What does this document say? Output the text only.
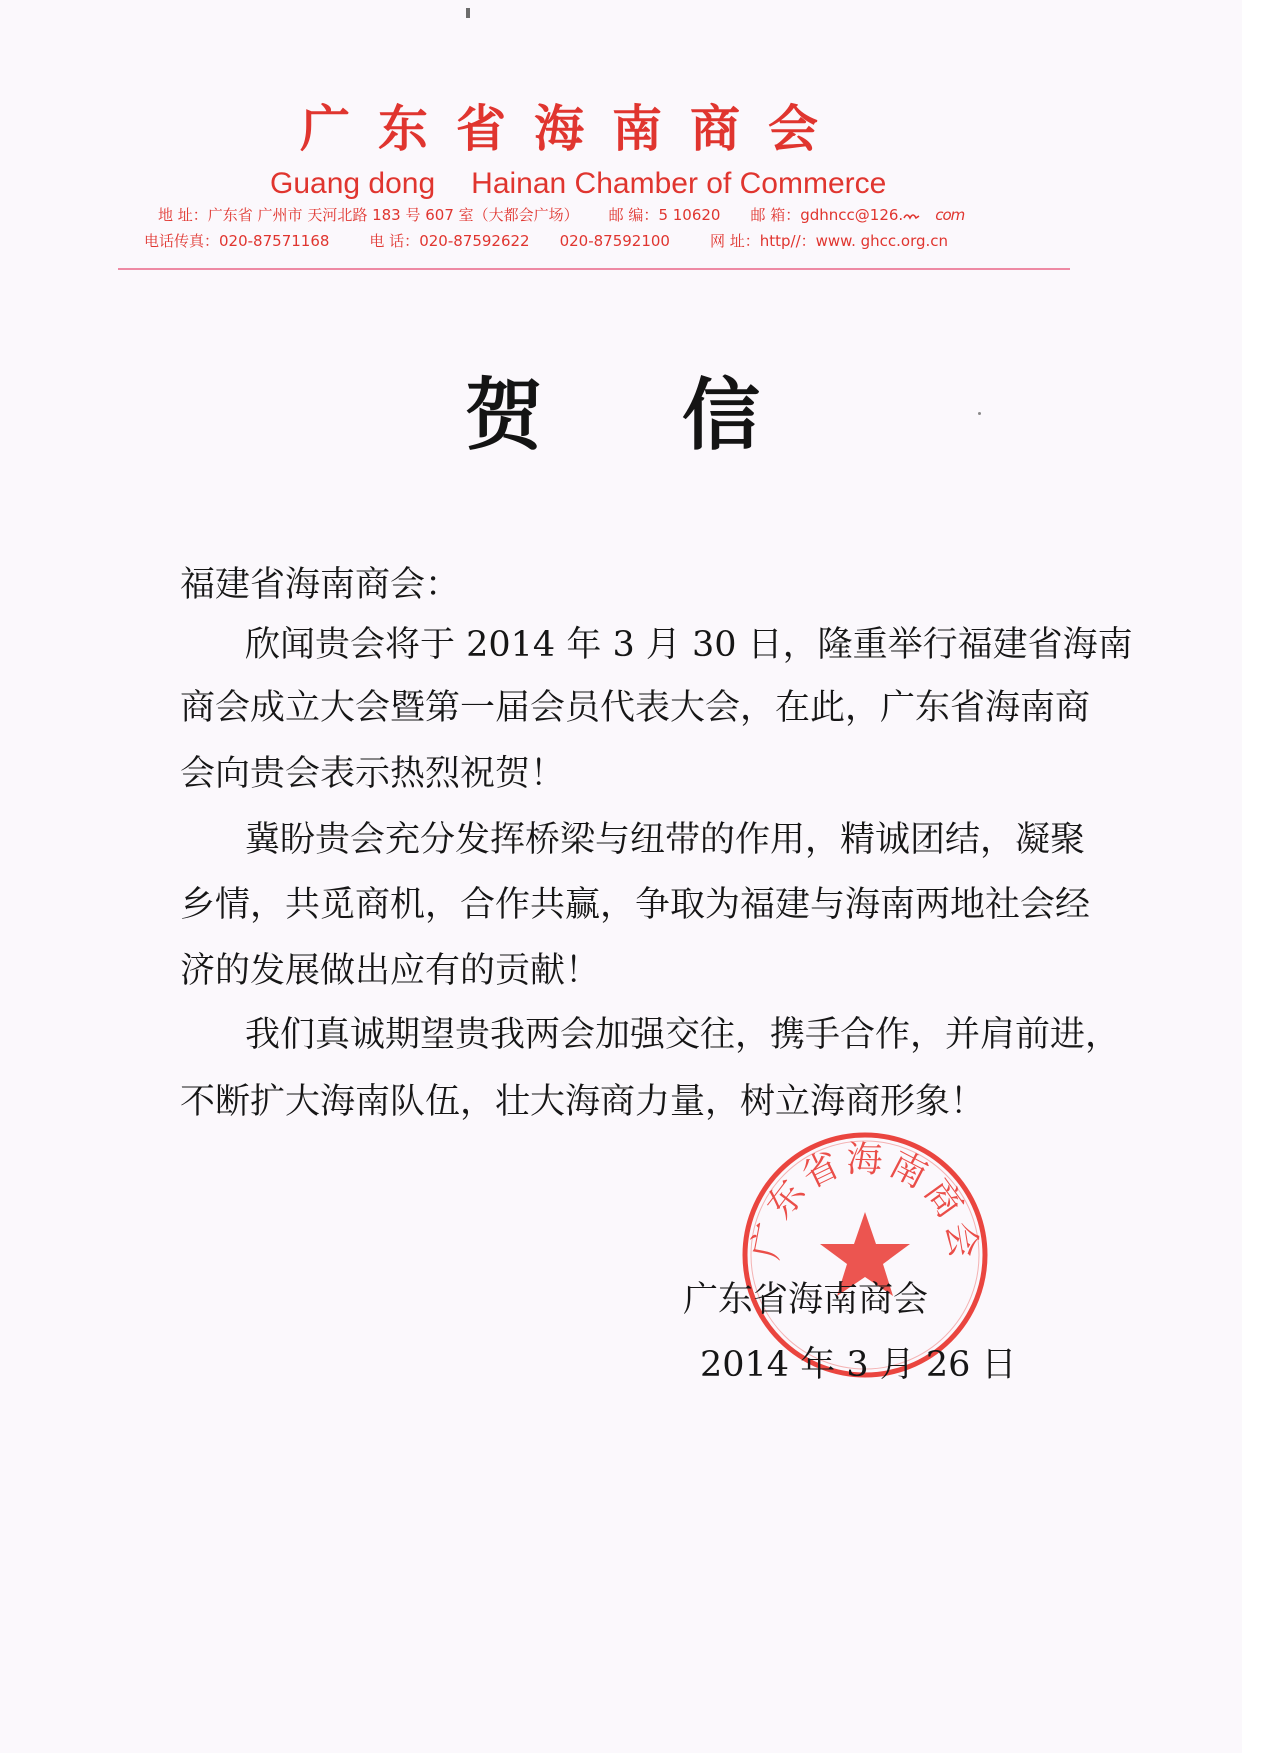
广东省海南商会
Guang dong Hainan Chamber of Commerce
地 址：广东省 广州市 天河北路 183 号 607 室（大都会广场） 邮 编：5 10620 邮 箱：gdhncc@126. com
电话传真：020-87571168	电 话：020-87592622 020-87592100	网 址：http//：www. ghcc.org.cn
贺 信
福建省海南商会：
欣闻贵会将于 2014 年 3 月 30 日，隆重举行福建省海南
商会成立大会暨第一届会员代表大会，在此，广东省海南商
会向贵会表示热烈祝贺！
冀盼贵会充分发挥桥梁与纽带的作用，精诚团结，凝聚
乡情，共觅商机，合作共赢，争取为福建与海南两地社会经
济的发展做出应有的贡献！
我们真诚期望贵我两会加强交往，携手合作，并肩前进，
不断扩大海南队伍，壮大海商力量，树立海商形象！
广东省海南商会
广东省海南商会
2014 年 3 月 26 日
